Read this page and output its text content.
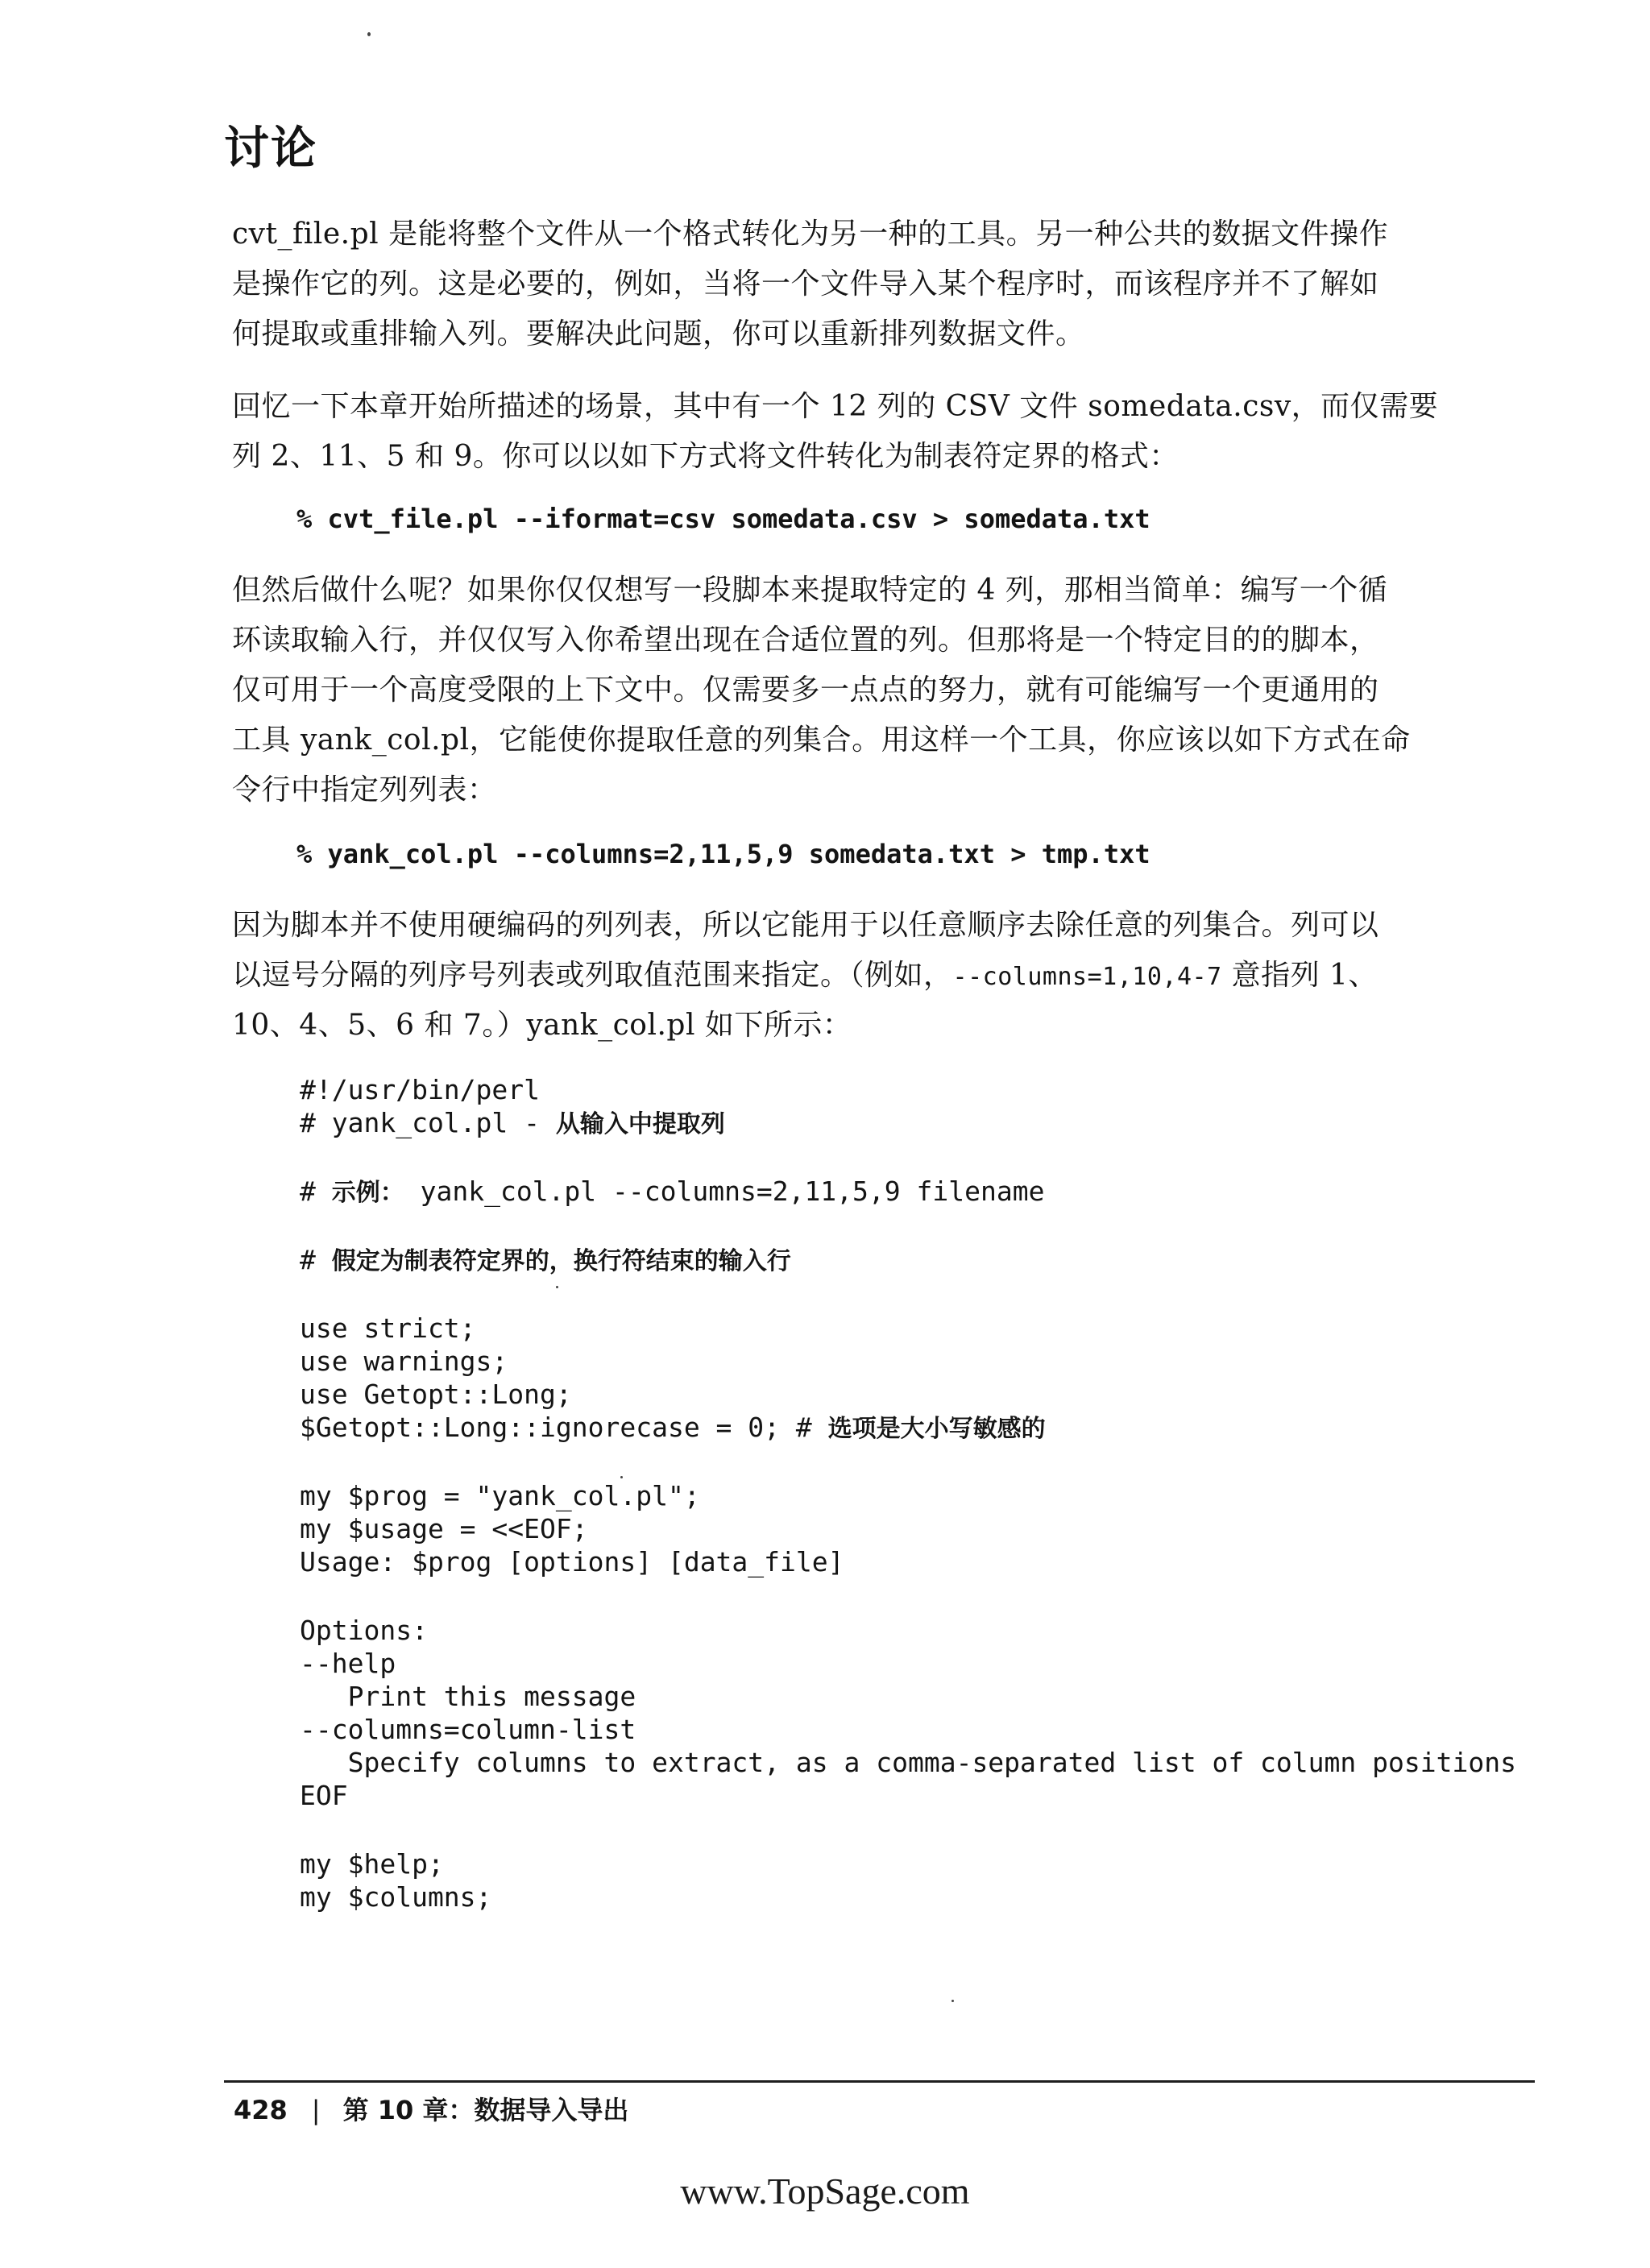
讨论
cvt_file.pl 是能将整个文件从一个格式转化为另一种的工具。另一种公共的数据文件操作
是操作它的列。这是必要的，例如，当将一个文件导入某个程序时，而该程序并不了解如
何提取或重排输入列。要解决此问题，你可以重新排列数据文件。
回忆一下本章开始所描述的场景，其中有一个 12 列的 CSV 文件 somedata.csv，而仅需要
列 2、11、5 和 9。你可以以如下方式将文件转化为制表符定界的格式：
% cvt_file.pl --iformat=csv somedata.csv > somedata.txt
但然后做什么呢？如果你仅仅想写一段脚本来提取特定的 4 列，那相当简单：编写一个循
环读取输入行，并仅仅写入你希望出现在合适位置的列。但那将是一个特定目的的脚本，
仅可用于一个高度受限的上下文中。仅需要多一点点的努力，就有可能编写一个更通用的
工具 yank_col.pl，它能使你提取任意的列集合。用这样一个工具，你应该以如下方式在命
令行中指定列列表：
% yank_col.pl --columns=2,11,5,9 somedata.txt > tmp.txt
因为脚本并不使用硬编码的列列表，所以它能用于以任意顺序去除任意的列集合。列可以
以逗号分隔的列序号列表或列取值范围来指定。（例如，--columns=1,10,4-7 意指列 1、
10、4、5、6 和 7。）yank_col.pl 如下所示：
#!/usr/bin/perl
# yank_col.pl - 从输入中提取列
# 示例： yank_col.pl --columns=2,11,5,9 filename
# 假定为制表符定界的，换行符结束的输入行
use strict;
use warnings;
use Getopt::Long;
$Getopt::Long::ignorecase = 0; # 选项是大小写敏感的
my $prog = "yank_col.pl";
my $usage = <<EOF;
Usage: $prog [options] [data_file]
Options:
--help
Print this message
--columns=column-list
Specify columns to extract, as a comma-separated list of column positions
EOF
my $help;
my $columns;
428 | 第 10 章：数据导入导出
www.TopSage.com
